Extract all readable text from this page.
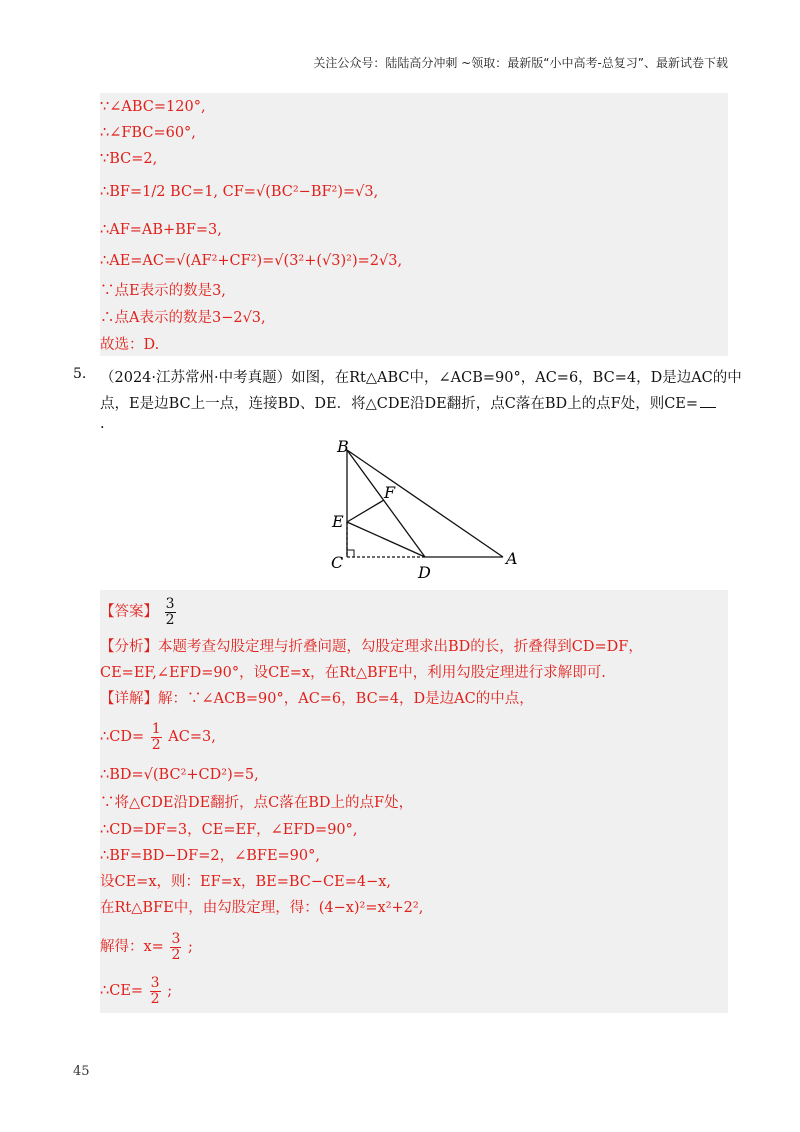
关注公众号：陆陆高分冲刺 ~领取：最新版“小中高考-总复习”、最新试卷下载
∵∠ABC=120°,
∴∠FBC=60°,
∵BC=2,
∴BF=1/2 BC=1, CF=√(BC²−BF²)=√3,
∴AF=AB+BF=3,
∴AE=AC=√(AF²+CF²)=√(3²+(√3)²)=2√3,
∵点E表示的数是3,
∴点A表示的数是3−2√3,
故选：D.
5. （2024·江苏常州·中考真题）如图，在Rt△ABC中，∠ACB=90°，AC=6，BC=4，D是边AC的中
点，E是边BC上一点，连接BD、DE．将△CDE沿DE翻折，点C落在BD上的点F处，则CE=
.
B
F
E
C
D
A
【答案】 $\frac{3}{2}$
【分析】本题考查勾股定理与折叠问题，勾股定理求出BD的长，折叠得到CD=DF，
CE=EF,∠EFD=90°，设CE=x，在Rt△BFE中，利用勾股定理进行求解即可.
【详解】解：∵∠ACB=90°，AC=6，BC=4，D是边AC的中点，
∴CD= $\frac{1}{2} AC=3$,
∴BD=√(BC²+CD²)=5,
∵将△CDE沿DE翻折，点C落在BD上的点F处，
∴CD=DF=3，CE=EF，∠EFD=90°,
∴BF=BD−DF=2，∠BFE=90°,
设CE=x，则：EF=x，BE=BC−CE=4−x,
在Rt△BFE中，由勾股定理，得：(4−x)²=x²+2²,
解得：$x= \frac{3}{2}$ ;
∴CE= $\frac{3}{2}$ ;
45
